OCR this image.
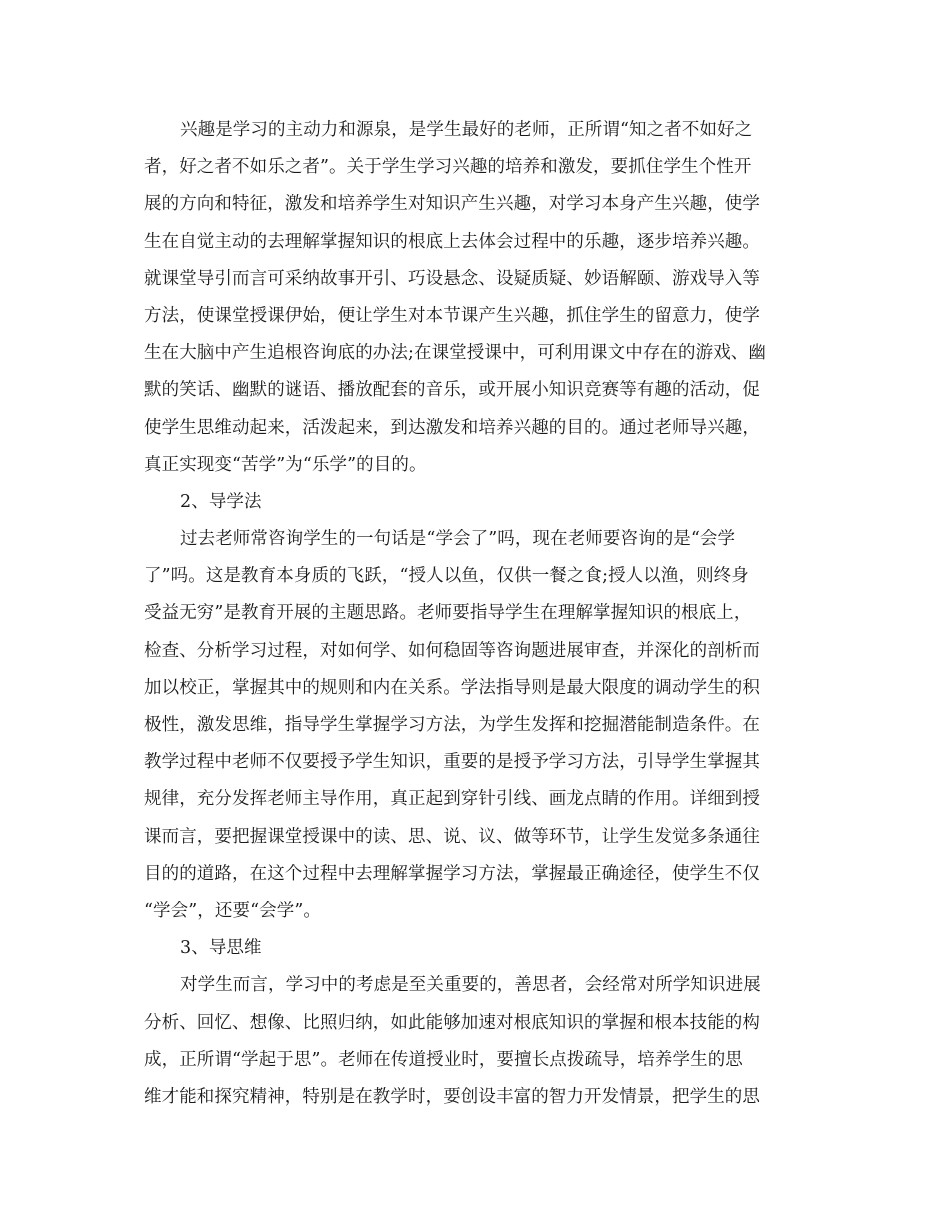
兴趣是学习的主动力和源泉，是学生最好的老师，正所谓“知之者不如好之
者，好之者不如乐之者”。关于学生学习兴趣的培养和激发，要抓住学生个性开
展的方向和特征，激发和培养学生对知识产生兴趣，对学习本身产生兴趣，使学
生在自觉主动的去理解掌握知识的根底上去体会过程中的乐趣，逐步培养兴趣。
就课堂导引而言可采纳故事开引、巧设悬念、设疑质疑、妙语解颐、游戏导入等
方法，使课堂授课伊始，便让学生对本节课产生兴趣，抓住学生的留意力，使学
生在大脑中产生追根咨询底的办法;在课堂授课中，可利用课文中存在的游戏、幽
默的笑话、幽默的谜语、播放配套的音乐，或开展小知识竞赛等有趣的活动，促
使学生思维动起来，活泼起来，到达激发和培养兴趣的目的。通过老师导兴趣，
真正实现变“苦学”为“乐学”的目的。
2、导学法
过去老师常咨询学生的一句话是“学会了”吗，现在老师要咨询的是“会学
了”吗。这是教育本身质的飞跃，“授人以鱼，仅供一餐之食;授人以渔，则终身
受益无穷”是教育开展的主题思路。老师要指导学生在理解掌握知识的根底上，
检查、分析学习过程，对如何学、如何稳固等咨询题进展审查，并深化的剖析而
加以校正，掌握其中的规则和内在关系。学法指导则是最大限度的调动学生的积
极性，激发思维，指导学生掌握学习方法，为学生发挥和挖掘潜能制造条件。在
教学过程中老师不仅要授予学生知识，重要的是授予学习方法，引导学生掌握其
规律，充分发挥老师主导作用，真正起到穿针引线、画龙点睛的作用。详细到授
课而言，要把握课堂授课中的读、思、说、议、做等环节，让学生发觉多条通往
目的的道路，在这个过程中去理解掌握学习方法，掌握最正确途径，使学生不仅
“学会”，还要“会学”。
3、导思维
对学生而言，学习中的考虑是至关重要的，善思者，会经常对所学知识进展
分析、回忆、想像、比照归纳，如此能够加速对根底知识的掌握和根本技能的构
成，正所谓“学起于思”。老师在传道授业时，要擅长点拨疏导，培养学生的思
维才能和探究精神，特别是在教学时，要创设丰富的智力开发情景，把学生的思
